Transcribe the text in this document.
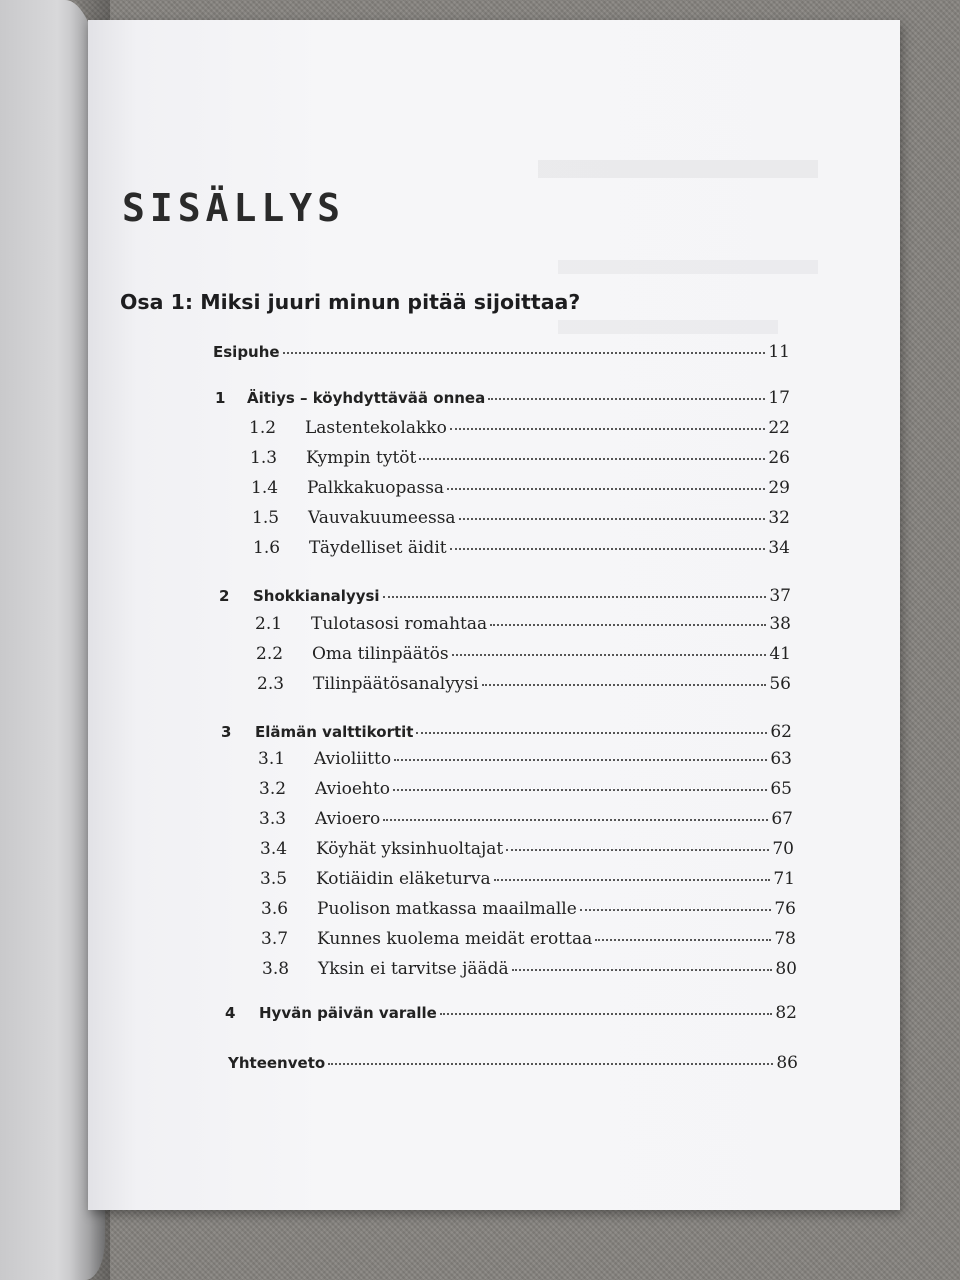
SISÄLLYS
Osa 1: Miksi juuri minun pitää sijoittaa?
Esipuhe	11
1	Äitiys – köyhdyttävää onnea	17
1.2	Lastentekolakko	22
1.3	Kympin tytöt	26
1.4	Palkkakuopassa	29
1.5	Vauvakuumeessa	32
1.6	Täydelliset äidit	34
2	Shokkianalyysi	37
2.1	Tulotasosi romahtaa	38
2.2	Oma tilinpäätös	41
2.3	Tilinpäätösanalyysi	56
3	Elämän valttikortit	62
3.1	Avioliitto	63
3.2	Avioehto	65
3.3	Avioero	67
3.4	Köyhät yksinhuoltajat	70
3.5	Kotiäidin eläketurva	71
3.6	Puolison matkassa maailmalle	76
3.7	Kunnes kuolema meidät erottaa	78
3.8	Yksin ei tarvitse jäädä	80
4	Hyvän päivän varalle	82
Yhteenveto	86
